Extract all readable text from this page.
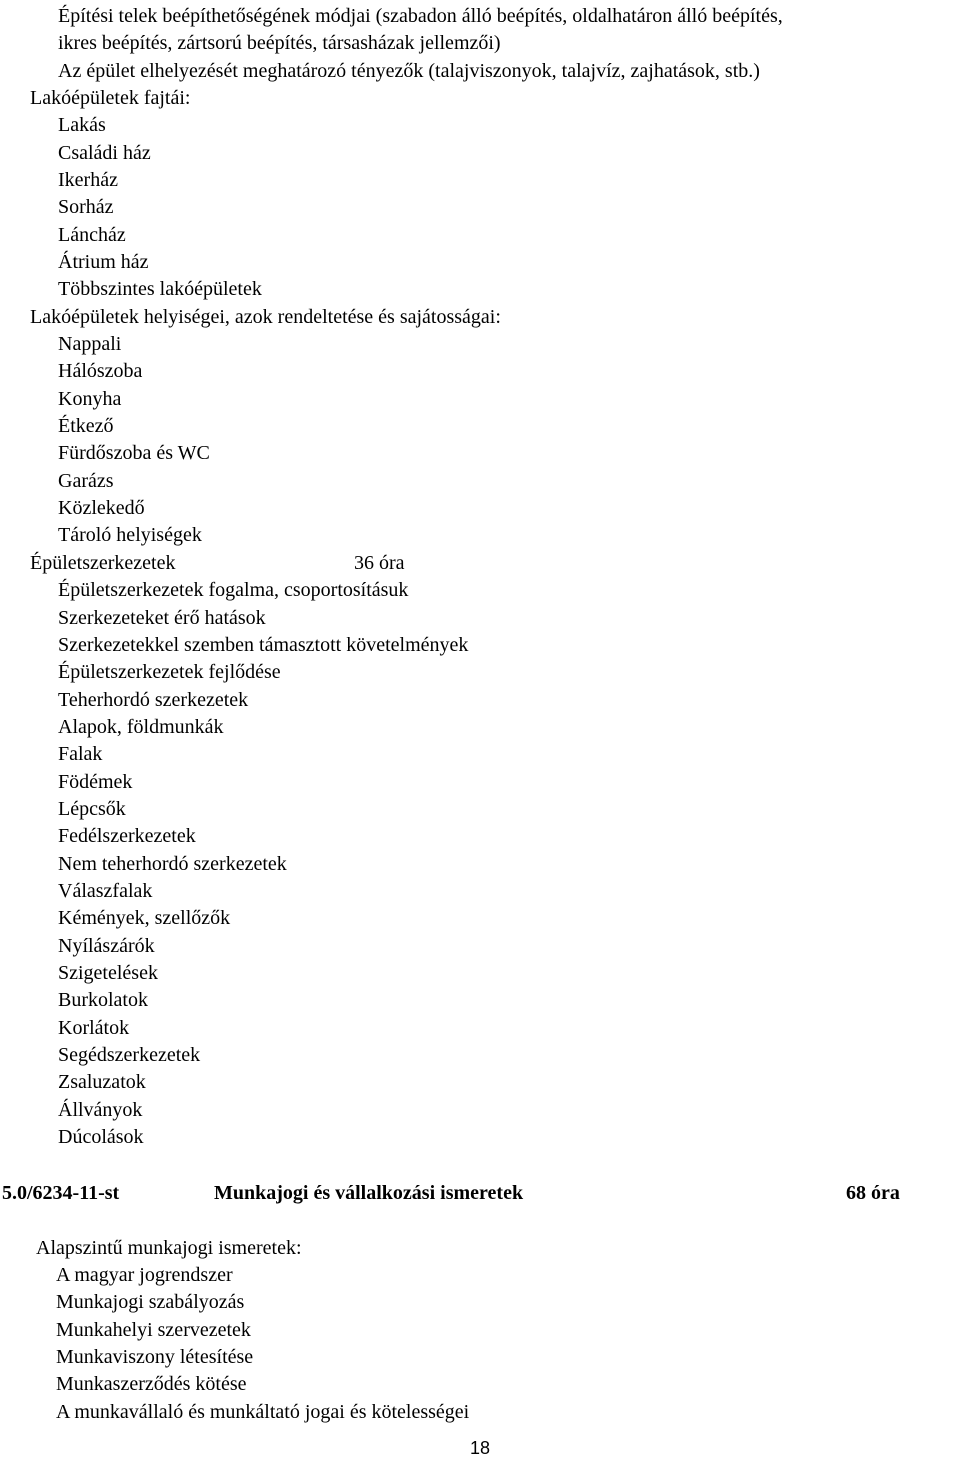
Építési telek beépíthetőségének módjai (szabadon álló beépítés, oldalhatáron álló beépítés,
ikres beépítés, zártsorú beépítés, társasházak jellemzői)
Az épület elhelyezését meghatározó tényezők (talajviszonyok, talajvíz, zajhatások, stb.)
Lakóépületek fajtái:
Lakás
Családi ház
Ikerház
Sorház
Láncház
Átrium ház
Többszintes lakóépületek
Lakóépületek helyiségei, azok rendeltetése és sajátosságai:
Nappali
Hálószoba
Konyha
Étkező
Fürdőszoba és WC
Garázs
Közlekedő
Tároló helyiségek
Épületszerkezetek	36 óra
Épületszerkezetek fogalma, csoportosításuk
Szerkezeteket érő hatások
Szerkezetekkel szemben támasztott követelmények
Épületszerkezetek fejlődése
Teherhordó szerkezetek
Alapok, földmunkák
Falak
Födémek
Lépcsők
Fedélszerkezetek
Nem teherhordó szerkezetek
Válaszfalak
Kémények, szellőzők
Nyílászárók
Szigetelések
Burkolatok
Korlátok
Segédszerkezetek
Zsaluzatok
Állványok
Dúcolások
5.0/6234-11-st	Munkajogi és vállalkozási ismeretek	68 óra
Alapszintű munkajogi ismeretek:
A magyar jogrendszer
Munkajogi szabályozás
Munkahelyi szervezetek
Munkaviszony létesítése
Munkaszerződés kötése
A munkavállaló és munkáltató jogai és kötelességei
18
